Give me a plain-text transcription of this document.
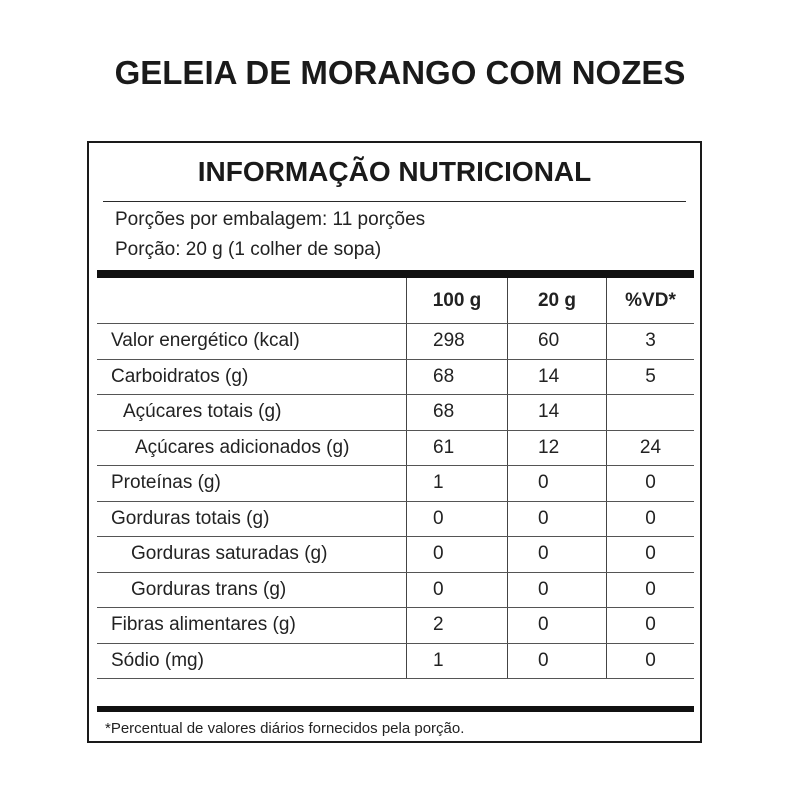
GELEIA DE MORANGO COM NOZES
INFORMAÇÃO NUTRICIONAL
Porções por embalagem: 11 porções
Porção: 20 g (1 colher de sopa)
100 g	20 g	%VD*
Valor energético (kcal)	298	60	3
Carboidratos (g)	68	14	5
Açúcares totais (g)	68	14
Açúcares adicionados (g)	61	12	24
Proteínas (g)	1	0	0
Gorduras totais (g)	0	0	0
Gorduras saturadas (g)	0	0	0
Gorduras trans (g)	0	0	0
Fibras alimentares (g)	2	0	0
Sódio (mg)	1	0	0
*Percentual de valores diários fornecidos pela porção.
